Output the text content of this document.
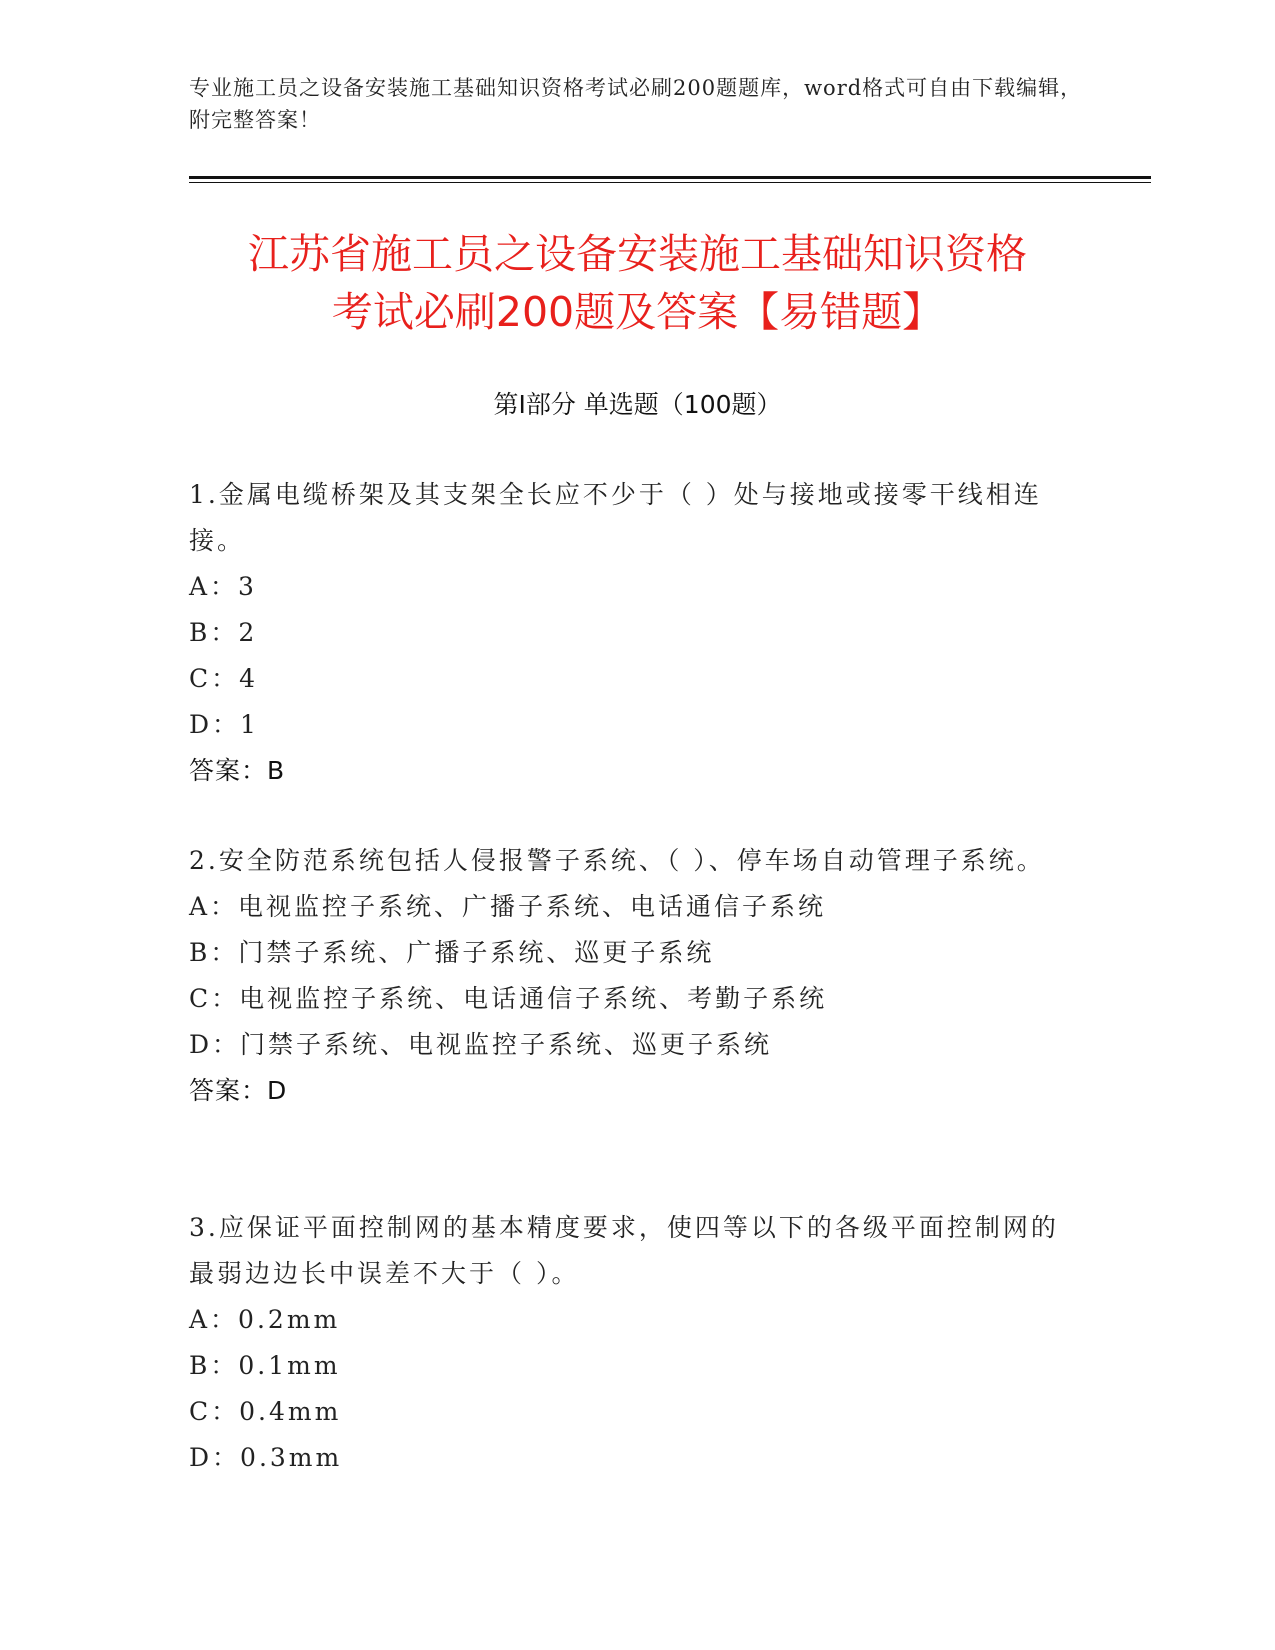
专业施工员之设备安装施工基础知识资格考试必刷200题题库，word格式可自由下载编辑，附完整答案！
江苏省施工员之设备安装施工基础知识资格
考试必刷200题及答案【易错题】
第I部分 单选题（100题）
1.金属电缆桥架及其支架全长应不少于（ ）处与接地或接零干线相连接。
A：3
B：2
C：4
D：1
答案：B
2.安全防范系统包括人侵报警子系统、（ ）、停车场自动管理子系统。
A：电视监控子系统、广播子系统、电话通信子系统
B：门禁子系统、广播子系统、巡更子系统
C：电视监控子系统、电话通信子系统、考勤子系统
D：门禁子系统、电视监控子系统、巡更子系统
答案：D
3.应保证平面控制网的基本精度要求，使四等以下的各级平面控制网的最弱边边长中误差不大于（ ）。
A：0.2mm
B：0.1mm
C：0.4mm
D：0.3mm
